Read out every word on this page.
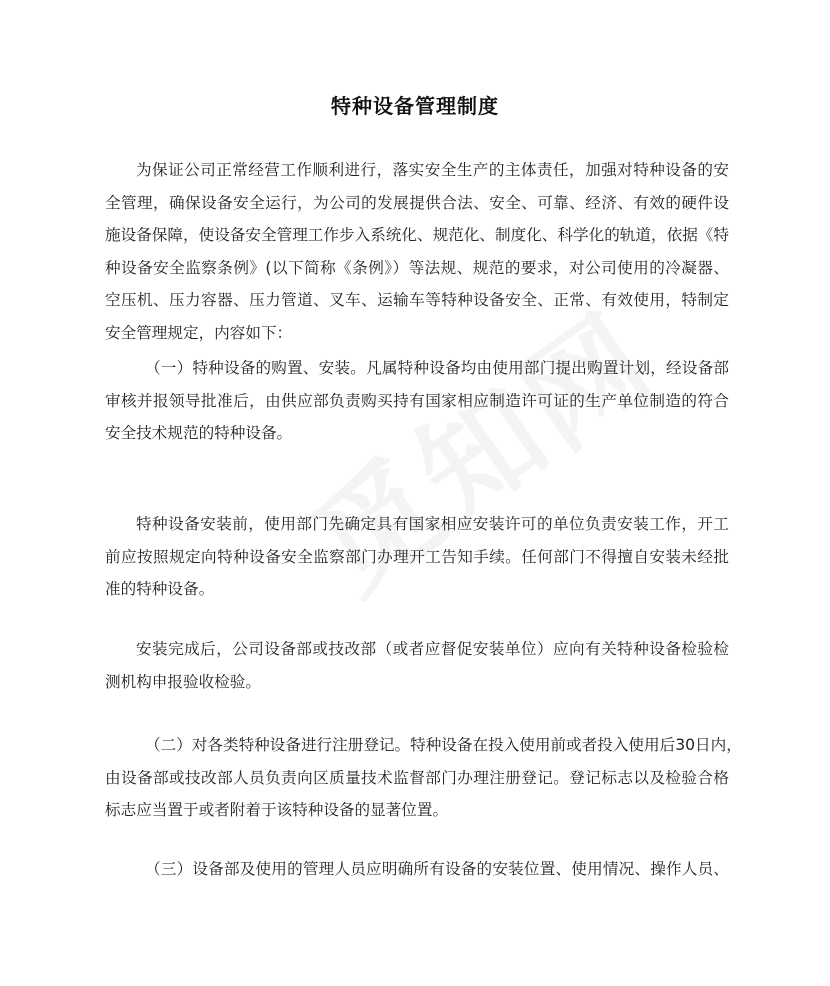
特种设备管理制度
为保证公司正常经营工作顺利进行，落实安全生产的主体责任，加强对特种设备的安
全管理，确保设备安全运行，为公司的发展提供合法、安全、可靠、经济、有效的硬件设
施设备保障，使设备安全管理工作步入系统化、规范化、制度化、科学化的轨道，依据《特
种设备安全监察条例》(以下简称《条例》）等法规、规范的要求，对公司使用的冷凝器、
空压机、压力容器、压力管道、叉车、运输车等特种设备安全、正常、有效使用，特制定
安全管理规定，内容如下：
（一）特种设备的购置、安装。凡属特种设备均由使用部门提出购置计划，经设备部
审核并报领导批准后，由供应部负责购买持有国家相应制造许可证的生产单位制造的符合
安全技术规范的特种设备。
特种设备安装前，使用部门先确定具有国家相应安装许可的单位负责安装工作，开工
前应按照规定向特种设备安全监察部门办理开工告知手续。任何部门不得擅自安装未经批
准的特种设备。
安装完成后，公司设备部或技改部（或者应督促安装单位）应向有关特种设备检验检
测机构申报验收检验。
（二）对各类特种设备进行注册登记。特种设备在投入使用前或者投入使用后30日内，
由设备部或技改部人员负责向区质量技术监督部门办理注册登记。登记标志以及检验合格
标志应当置于或者附着于该特种设备的显著位置。
（三）设备部及使用的管理人员应明确所有设备的安装位置、使用情况、操作人员、
